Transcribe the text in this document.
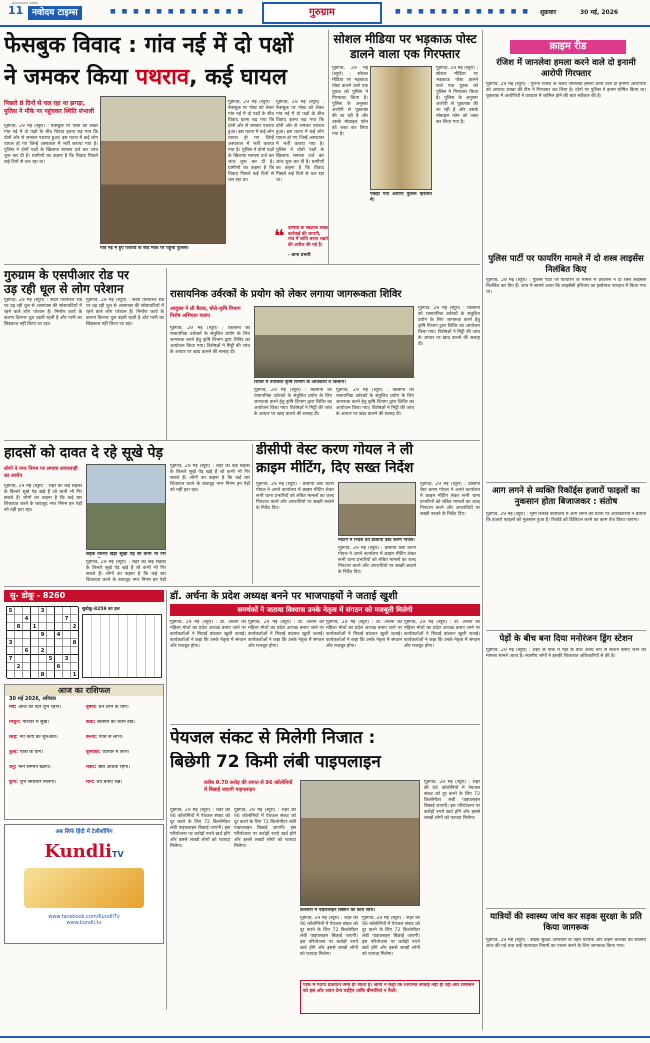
11 नवोदय टाइम्स
NAVODAYA TIMES
■ ■ ■ ■ ■ ■ ■ ■ ■ ■ ■ ■	गुरुग्राम	■ ■ ■ ■ ■ ■ ■ ■ ■ ■ ■ ■ शुक्रवार	30 मई, 2026
फेसबुक विवाद : गांव नई में दो पक्षों
ने जमकर किया पथराव, कई घायल
पिछले 8 दिनों से चल रहा था झगड़ा, पुलिस ने मौके पर पहुंचकर स्थिति संभाली
गुड़गांव, 29 मई (ब्यूरो) : फेसबुक पर पोस्ट को लेकर गांव नई में दो पक्षों के बीच विवाद इतना बढ़ गया कि दोनों ओर से जमकर पथराव हुआ। इस घटना में कई लोग घायल हो गए जिन्हें अस्पताल में भर्ती कराया गया है। पुलिस ने दोनों पक्षों के खिलाफ मामला दर्ज कर जांच शुरू कर दी है। ग्रामीणों का कहना है कि विवाद पिछले कई दिनों से चल रहा था।
गांव नई में हुए पथराव के बाद मौके पर पहुंची पुलिस।
गुड़गांव, 29 मई (ब्यूरो) : फेसबुक पर पोस्ट को लेकर गांव नई में दो पक्षों के बीच विवाद इतना बढ़ गया कि दोनों ओर से जमकर पथराव हुआ। इस घटना में कई लोग घायल हो गए जिन्हें अस्पताल में भर्ती कराया गया है। पुलिस ने दोनों पक्षों के खिलाफ मामला दर्ज कर जांच शुरू कर दी है। ग्रामीणों का कहना है कि विवाद पिछले कई दिनों से चल रहा था।
गुड़गांव, 29 मई (ब्यूरो) : फेसबुक पर पोस्ट को लेकर गांव नई में दो पक्षों के बीच विवाद इतना बढ़ गया कि दोनों ओर से जमकर पथराव हुआ। इस घटना में कई लोग घायल हो गए जिन्हें अस्पताल में भर्ती कराया गया है। पुलिस ने दोनों पक्षों के खिलाफ मामला दर्ज कर जांच शुरू कर दी है। ग्रामीणों का कहना है कि विवाद पिछले कई दिनों से चल रहा था।
❝ दोषियों के खिलाफ सख्त कार्रवाई की जाएगी, गांव में शांति बनाए रखने की अपील की गई है।
- थाना प्रभारी
सोशल मीडिया पर भड़काऊ पोस्ट डालने वाला एक गिरफ्तार
पकड़ा गया आरोपी पुलिस हिरासत में।
गुड़गांव, 29 मई (ब्यूरो) : सोशल मीडिया पर भड़काऊ पोस्ट डालने वाले एक युवक को पुलिस ने गिरफ्तार किया है। पुलिस के अनुसार आरोपी से पूछताछ की जा रही है और उसके मोबाइल फोन को जब्त कर लिया गया है।
गुड़गांव, 29 मई (ब्यूरो) : सोशल मीडिया पर भड़काऊ पोस्ट डालने वाले एक युवक को पुलिस ने गिरफ्तार किया है। पुलिस के अनुसार आरोपी से पूछताछ की जा रही है और उसके मोबाइल फोन को जब्त कर लिया गया है।
क्राइम रीड
रंजिश में जानलेवा हमला करने वाले दो इनामी आरोपी गिरफ्तार
गुड़गांव, 29 मई (ब्यूरो) : पुरानी रंजिश के चलते जानलेवा हमला करने वाले दो इनामी आरोपियों को अपराध शाखा की टीम ने गिरफ्तार कर लिया है। दोनों पर पुलिस ने इनाम घोषित किया था। पूछताछ में आरोपियों ने वारदात में शामिल होने की बात स्वीकार की है।
पुलिस पार्टी पर फायरिंग मामले में दो शस्त्र लाइसेंस निलंबित किए
गुड़गांव, 29 मई (ब्यूरो) : पुलिस पार्टी पर फायरिंग के मामले में प्रशासन ने दो शस्त्र लाइसेंस निलंबित कर दिए हैं। जांच में सामने आया कि लाइसेंसी हथियार का इस्तेमाल वारदात में किया गया था।
गुरुग्राम के एसपीआर रोड पर
उड़ रही धूल से लोग परेशान
गुड़गांव, 29 मई (ब्यूरो) : सदर्न पेरिफेरल रोड पर उड़ रही धूल से आसपास की सोसायटियों में रहने वाले लोग परेशान हैं। निर्माण कार्य के कारण दिनभर धूल उड़ती रहती है और पानी का छिड़काव नहीं किया जा रहा।
गुड़गांव, 29 मई (ब्यूरो) : सदर्न पेरिफेरल रोड पर उड़ रही धूल से आसपास की सोसायटियों में रहने वाले लोग परेशान हैं। निर्माण कार्य के कारण दिनभर धूल उड़ती रहती है और पानी का छिड़काव नहीं किया जा रहा।
रासायनिक उर्वरकों के प्रयोग को लेकर लगाया जागरूकता शिविर
आयुक्त ने ली बैठक, बोले-कृषि विभाग विशेष अभियान चलाए
गुड़गांव, 29 मई (ब्यूरो) : किसानों को रासायनिक उर्वरकों के संतुलित प्रयोग के लिए जागरूक करने हेतु कृषि विभाग द्वारा शिविर का आयोजन किया गया। विशेषज्ञों ने मिट्टी की जांच के आधार पर खाद डालने की सलाह दी।
शिविर में उपस्थित कृषि विभाग के अधिकारी व किसान।
गुड़गांव, 29 मई (ब्यूरो) : किसानों को रासायनिक उर्वरकों के संतुलित प्रयोग के लिए जागरूक करने हेतु कृषि विभाग द्वारा शिविर का आयोजन किया गया। विशेषज्ञों ने मिट्टी की जांच के आधार पर खाद डालने की सलाह दी।
गुड़गांव, 29 मई (ब्यूरो) : किसानों को रासायनिक उर्वरकों के संतुलित प्रयोग के लिए जागरूक करने हेतु कृषि विभाग द्वारा शिविर का आयोजन किया गया। विशेषज्ञों ने मिट्टी की जांच के आधार पर खाद डालने की सलाह दी।
गुड़गांव, 29 मई (ब्यूरो) : किसानों को रासायनिक उर्वरकों के संतुलित प्रयोग के लिए जागरूक करने हेतु कृषि विभाग द्वारा शिविर का आयोजन किया गया। विशेषज्ञों ने मिट्टी की जांच के आधार पर खाद डालने की सलाह दी।
हादसों को दावत दे रहे सूखे पेड़
लोगों ने नगर निगम पर लगाया लापरवाही का आरोप
गुड़गांव, 29 मई (ब्यूरो) : शहर की कई सड़कों के किनारे सूखे पेड़ खड़े हैं जो कभी भी गिर सकते हैं। लोगों का कहना है कि कई बार शिकायत करने के बावजूद नगर निगम इन पेड़ों को नहीं हटा रहा।
सड़क किनारे खड़ा सूखा पेड़ जो कभी भी गिर
गुड़गांव, 29 मई (ब्यूरो) : शहर की कई सड़कों के किनारे सूखे पेड़ खड़े हैं जो कभी भी गिर सकते हैं। लोगों का कहना है कि कई बार शिकायत करने के बावजूद नगर निगम इन पेड़ों
गुड़गांव, 29 मई (ब्यूरो) : शहर की कई सड़कों के किनारे सूखे पेड़ खड़े हैं जो कभी भी गिर सकते हैं। लोगों का कहना है कि कई बार शिकायत करने के बावजूद नगर निगम इन पेड़ों को नहीं हटा रहा।
डीसीपी वेस्ट करण गोयल ने ली
क्राइम मीटिंग, दिए सख्त निर्देश
गुड़गांव, 29 मई (ब्यूरो) : डीसीपी वेस्ट करण गोयल ने अपने कार्यालय में क्राइम मीटिंग लेकर सभी थाना प्रभारियों को लंबित मामलों का जल्द निपटारा करने और अपराधियों पर सख्ती बरतने के निर्देश दिए।
मीटिंग में निर्देश देते डीसीपी वेस्ट करण गोयल।
गुड़गांव, 29 मई (ब्यूरो) : डीसीपी वेस्ट करण गोयल ने अपने कार्यालय में क्राइम मीटिंग लेकर सभी थाना प्रभारियों को लंबित मामलों का जल्द निपटारा करने और अपराधियों पर सख्ती बरतने के निर्देश दिए।
गुड़गांव, 29 मई (ब्यूरो) : डीसीपी वेस्ट करण गोयल ने अपने कार्यालय में क्राइम मीटिंग लेकर सभी थाना प्रभारियों को लंबित मामलों का जल्द निपटारा करने और अपराधियों पर सख्ती बरतने के निर्देश दिए।
सु- डोकू - 8260
5	3
4	7
8	1	2
9	4
3	8
6	2
7	5	3
2	6
8	1
सुडोकू-8259 का हल
डॉ. अर्चना के प्रदेश अध्यक्ष बनने पर भाजपाइयों ने जताई खुशी
समर्थकों ने जताया विश्वास उनके नेतृत्व में संगठन को मजबूती मिलेगी
गुड़गांव, 29 मई (ब्यूरो) : डॉ. अर्चना को महिला मोर्चा का प्रदेश अध्यक्ष बनाए जाने पर कार्यकर्ताओं ने मिठाई बांटकर खुशी जताई। कार्यकर्ताओं ने कहा कि उनके नेतृत्व में संगठन और मजबूत होगा।
गुड़गांव, 29 मई (ब्यूरो) : डॉ. अर्चना को महिला मोर्चा का प्रदेश अध्यक्ष बनाए जाने पर कार्यकर्ताओं ने मिठाई बांटकर खुशी जताई। कार्यकर्ताओं ने कहा कि उनके नेतृत्व में संगठन और मजबूत होगा।
गुड़गांव, 29 मई (ब्यूरो) : डॉ. अर्चना को महिला मोर्चा का प्रदेश अध्यक्ष बनाए जाने पर कार्यकर्ताओं ने मिठाई बांटकर खुशी जताई। कार्यकर्ताओं ने कहा कि उनके नेतृत्व में संगठन और मजबूत होगा।
गुड़गांव, 29 मई (ब्यूरो) : डॉ. अर्चना को महिला मोर्चा का प्रदेश अध्यक्ष बनाए जाने पर कार्यकर्ताओं ने मिठाई बांटकर खुशी जताई। कार्यकर्ताओं ने कहा कि उनके नेतृत्व में संगठन और मजबूत होगा।
आज का राशिफल
30 मई 2026, शनिवार
मेष: आज का दिन शुभ रहेगा।	वृषभ: धन लाभ के योग।
मिथुन: परिवार में सुख।	कर्क: स्वास्थ्य का ध्यान रखें।
सिंह: नए कार्य की शुरुआत।	कन्या: मित्रों से लाभ।
तुला: यात्रा के योग।	वृश्चिक: व्यापार में लाभ।
धनु: मान सम्मान बढ़ेगा।	मकर: खर्च अधिक रहेगा।
कुंभ: शुभ समाचार मिलेगा।	मीन: धैर्य बनाए रखें।
अब सिर्फ हिंदी में टेलीशॉपिंग
KundliTV
www.facebook.com/KundliTv
www.kundli.tv
पेयजल संकट से मिलेगी निजात :
बिछेगी 72 किमी लंबी पाइपलाइन
करीब 0.70 करोड़ की लागत से 96 कॉलोनियों में बिछाई जाएगी पाइपलाइन
गुड़गांव, 29 मई (ब्यूरो) : शहर की 96 कॉलोनियों में पेयजल संकट को दूर करने के लिए 72 किलोमीटर लंबी पाइपलाइन बिछाई जाएगी। इस परियोजना पर करोड़ों रुपये खर्च होंगे और इससे लाखों लोगों को फायदा मिलेगा।
गुड़गांव, 29 मई (ब्यूरो) : शहर की 96 कॉलोनियों में पेयजल संकट को दूर करने के लिए 72 किलोमीटर लंबी पाइपलाइन बिछाई जाएगी। इस परियोजना पर करोड़ों रुपये खर्च होंगे और इससे लाखों लोगों को फायदा मिलेगा।
कॉलोनी में पाइपलाइन बिछाने का कार्य जारी।
गुड़गांव, 29 मई (ब्यूरो) : शहर की 96 कॉलोनियों में पेयजल संकट को दूर करने के लिए 72 किलोमीटर लंबी पाइपलाइन बिछाई जाएगी। इस परियोजना पर करोड़ों रुपये खर्च होंगे और इससे लाखों लोगों को फायदा मिलेगा।
गुड़गांव, 29 मई (ब्यूरो) : शहर की 96 कॉलोनियों में पेयजल संकट को दूर करने के लिए 72 किलोमीटर लंबी पाइपलाइन बिछाई जाएगी। इस परियोजना पर करोड़ों रुपये खर्च होंगे और इससे लाखों लोगों को फायदा मिलेगा।
गुड़गांव, 29 मई (ब्यूरो) : शहर की 96 कॉलोनियों में पेयजल संकट को दूर करने के लिए 72 किलोमीटर लंबी पाइपलाइन बिछाई जाएगी। इस परियोजना पर करोड़ों रुपये खर्च होंगे और इससे लाखों लोगों को फायदा मिलेगा।
पार्क में गंदगी प्रतिदिन जमा हो जाती है। लोगों ने कहा कि नियमित सफाई नहीं हो रही और प्रशासन को इस ओर ध्यान देना चाहिए ताकि बीमारियां न फैलें।
आग लगने से व्यक्ति रिकॉर्ड्स हजारों फाइलों का नुकसान होता बिजाजकर : संतोष
गुड़गांव, 29 मई (ब्यूरो) : भूमि रिकॉर्ड कार्यालय में आग लगने की घटना पर अधिकारियों ने बताया कि हजारों फाइलों को नुकसान हुआ है। रिकॉर्ड को डिजिटल करने का काम तेज किया जाएगा।
पेड़ों के बीच बना दिया मनोरंजन ड्रिंग स्टेशन
गुड़गांव, 29 मई (ब्यूरो) : शहर के पार्क में पेड़ों के बीच अवैध रूप से स्टेशन बनाए जाने का मामला सामने आया है। स्थानीय लोगों ने इसकी शिकायत अधिकारियों से की है।
यात्रियों की स्वास्थ्य जांच कर सड़क सुरक्षा के प्रति किया जागरूक
गुड़गांव, 29 मई (ब्यूरो) : सड़क सुरक्षा अभियान के तहत यात्रियों और वाहन चालकों की स्वास्थ्य जांच की गई तथा उन्हें यातायात नियमों का पालन करने के लिए जागरूक किया गया।
